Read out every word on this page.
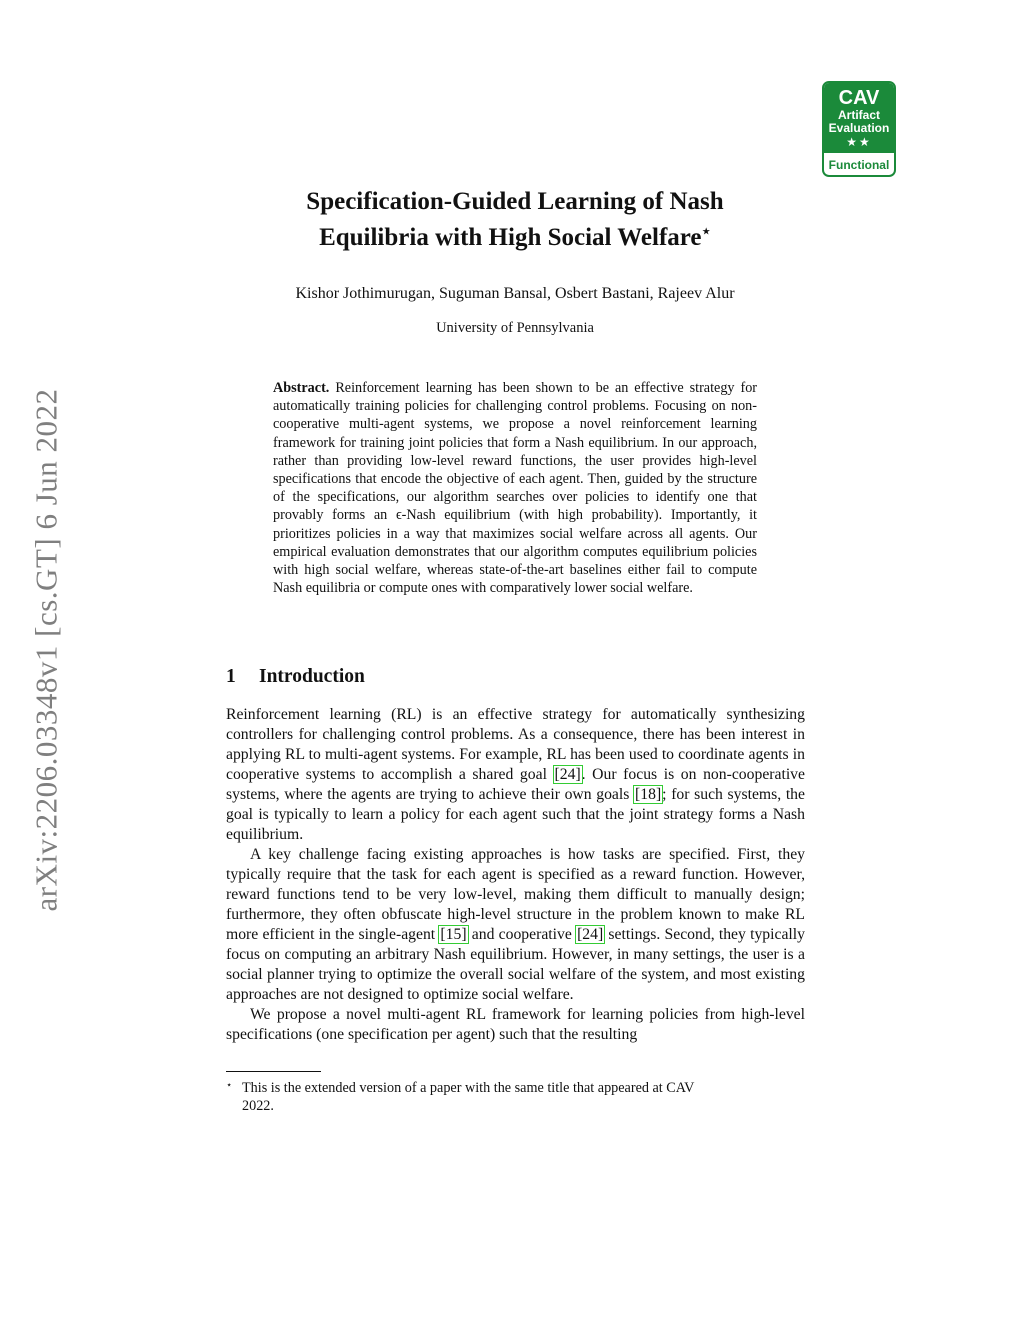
arXiv:2206.03348v1 [cs.GT] 6 Jun 2022
CAV
Artifact
Evaluation
★★
Functional
Specification-Guided Learning of Nash
Equilibria with High Social Welfare⋆
Kishor Jothimurugan, Suguman Bansal, Osbert Bastani, Rajeev Alur
University of Pennsylvania
Abstract. Reinforcement learning has been shown to be an effective strategy for automatically training policies for challenging control problems. Focusing on non-cooperative multi-agent systems, we propose a novel reinforcement learning framework for training joint policies that form a Nash equilibrium. In our approach, rather than providing low-level reward functions, the user provides high-level specifications that encode the objective of each agent. Then, guided by the structure of the specifications, our algorithm searches over policies to identify one that provably forms an ϵ-Nash equilibrium (with high probability). Importantly, it prioritizes policies in a way that maximizes social welfare across all agents. Our empirical evaluation demonstrates that our algorithm computes equilibrium policies with high social welfare, whereas state-of-the-art baselines either fail to compute Nash equilibria or compute ones with comparatively lower social welfare.
1 Introduction

Reinforcement learning (RL) is an effective strategy for automatically synthesizing controllers for challenging control problems. As a consequence, there has been interest in applying RL to multi-agent systems. For example, RL has been used to coordinate agents in cooperative systems to accomplish a shared goal [24]. Our focus is on non-cooperative systems, where the agents are trying to achieve their own goals [18]; for such systems, the goal is typically to learn a policy for each agent such that the joint strategy forms a Nash equilibrium.

A key challenge facing existing approaches is how tasks are specified. First, they typically require that the task for each agent is specified as a reward function. However, reward functions tend to be very low-level, making them difficult to manually design; furthermore, they often obfuscate high-level structure in the problem known to make RL more efficient in the single-agent [15] and cooperative [24] settings. Second, they typically focus on computing an arbitrary Nash equilibrium. However, in many settings, the user is a social planner trying to optimize the overall social welfare of the system, and most existing approaches are not designed to optimize social welfare.

We propose a novel multi-agent RL framework for learning policies from high-level specifications (one specification per agent) such that the resulting

⋆ This is the extended version of a paper with the same title that appeared at CAV
2022.
